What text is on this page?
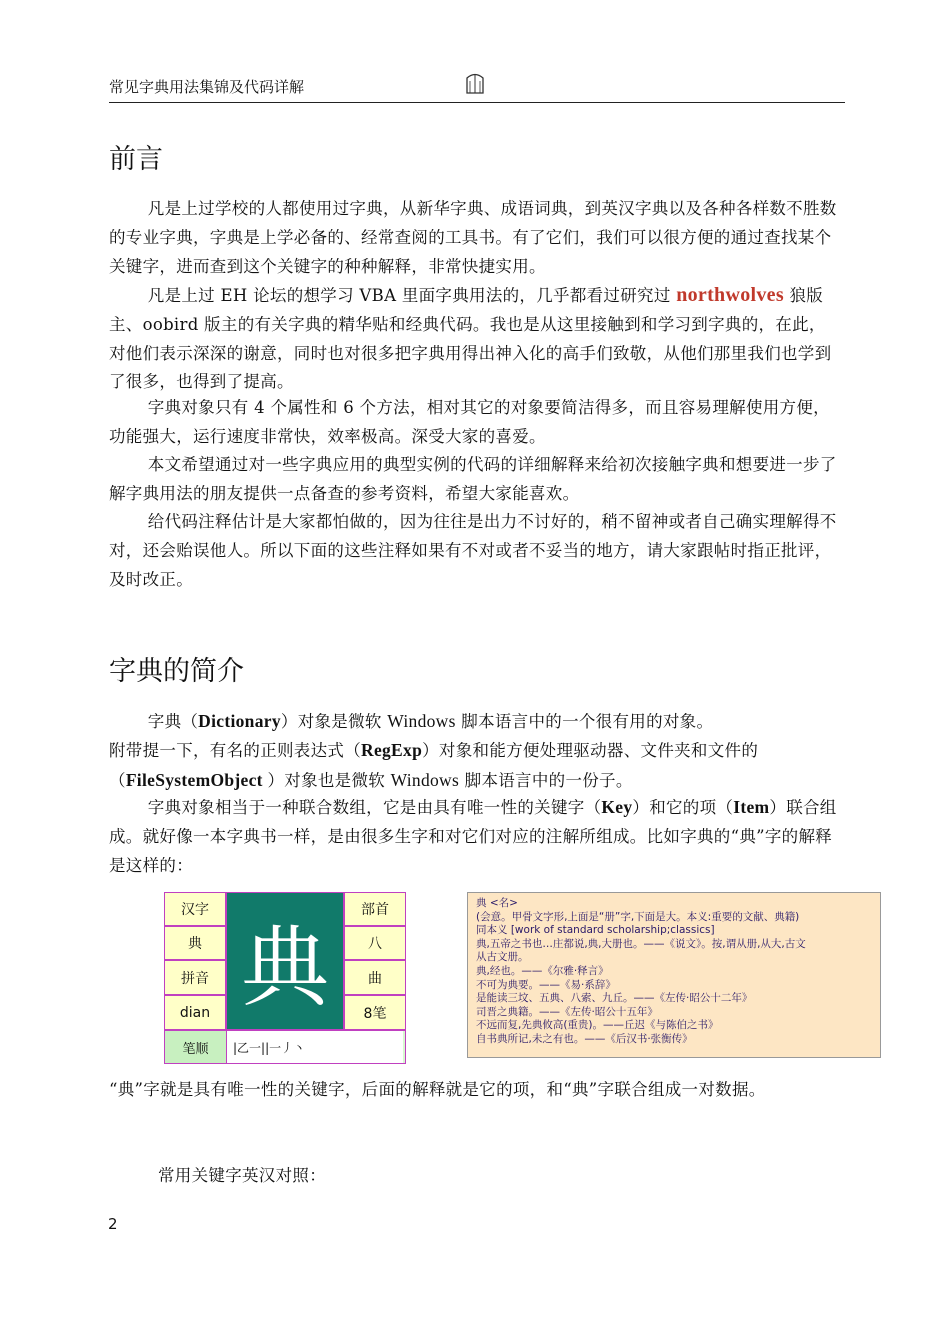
常见字典用法集锦及代码详解
前言

凡是上过学校的人都使用过字典，从新华字典、成语词典，到英汉字典以及各种各样数不胜数的专业字典，字典是上学必备的、经常查阅的工具书。有了它们，我们可以很方便的通过查找某个关键字，进而查到这个关键字的种种解释，非常快捷实用。

凡是上过 EH 论坛的想学习 VBA 里面字典用法的，几乎都看过研究过 northwolves 狼版主、oobird 版主的有关字典的精华贴和经典代码。我也是从这里接触到和学习到字典的，在此，对他们表示深深的谢意，同时也对很多把字典用得出神入化的高手们致敬，从他们那里我们也学到了很多，也得到了提高。

字典对象只有 4 个属性和 6 个方法，相对其它的对象要简洁得多，而且容易理解使用方便，功能强大，运行速度非常快，效率极高。深受大家的喜爱。

本文希望通过对一些字典应用的典型实例的代码的详细解释来给初次接触字典和想要进一步了解字典用法的朋友提供一点备查的参考资料，希望大家能喜欢。

给代码注释估计是大家都怕做的，因为往往是出力不讨好的，稍不留神或者自己确实理解得不对，还会贻误他人。所以下面的这些注释如果有不对或者不妥当的地方，请大家跟帖时指正批评，及时改正。

字典的简介

字典（Dictionary）对象是微软 Windows 脚本语言中的一个很有用的对象。

附带提一下，有名的正则表达式（RegExp）对象和能方便处理驱动器、文件夹和文件的（FileSystemObject ）对象也是微软 Windows 脚本语言中的一份子。

字典对象相当于一种联合数组，它是由具有唯一性的关键字（Key）和它的项（Item）联合组成。就好像一本字典书一样，是由很多生字和对它们对应的注解所组成。比如字典的“典”字的解释是这样的：

汉字
典
拼音
dian 典
部首
八
曲
8笔
笔顺	|乙一||一丿丶
典 <名>
(会意。甲骨文字形,上面是“册”字,下面是大。本义:重要的文献、典籍)
同本义 [work of standard scholarship;classics]
典,五帝之书也…庄都说,典,大册也。——《说文》。按,谓从册,从大,古文
从古文册。
典,经也。——《尔雅·释言》
不可为典要。——《易·系辞》
是能读三坟、五典、八索、九丘。——《左传·昭公十二年》
司晋之典籍。——《左传·昭公十五年》
不远而复,先典攸高(重贵)。——丘迟《与陈伯之书》
自书典所记,未之有也。——《后汉书·张衡传》

“典”字就是具有唯一性的关键字，后面的解释就是它的项，和“典”字联合组成一对数据。

常用关键字英汉对照：

2
